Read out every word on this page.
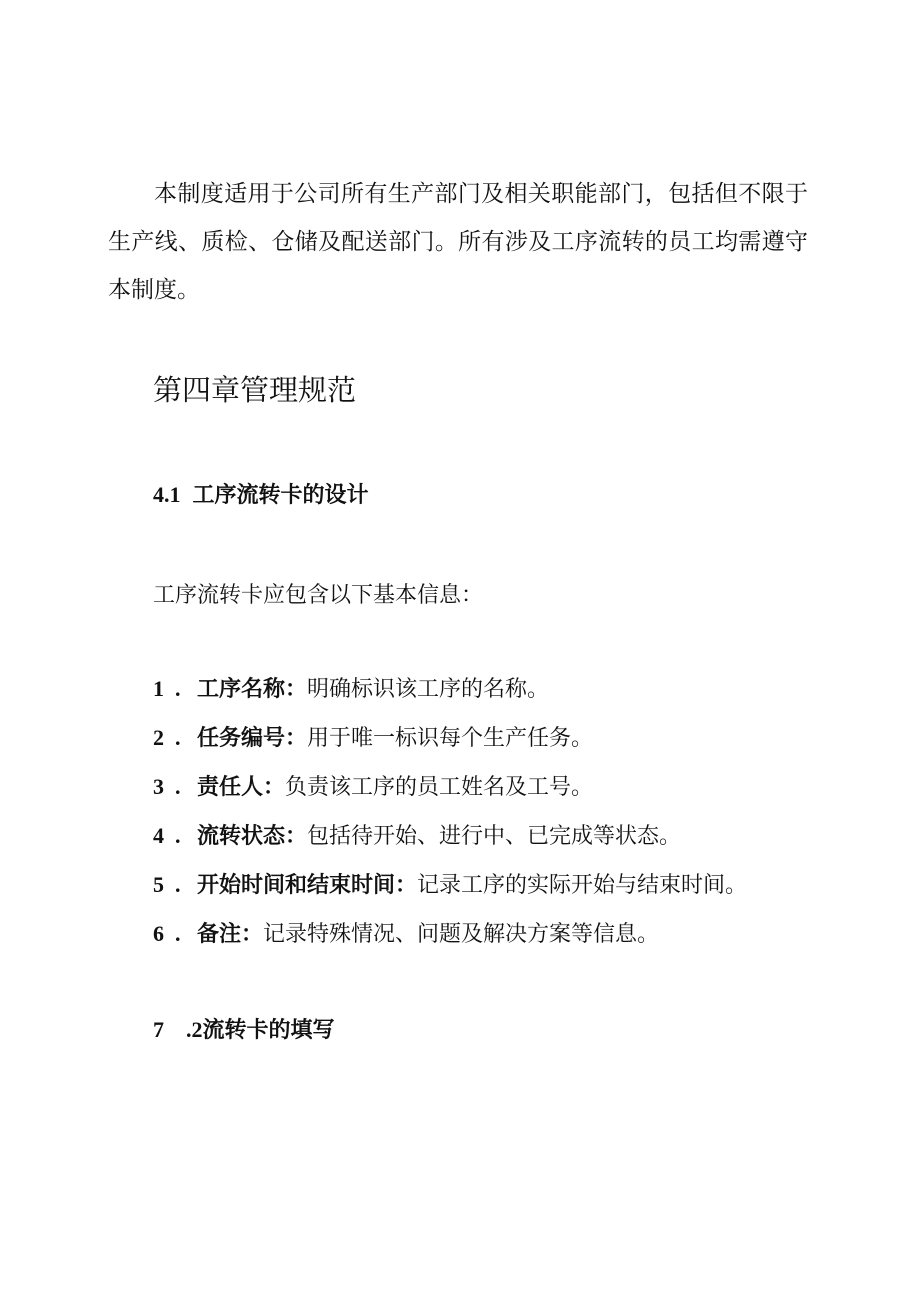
本制度适用于公司所有生产部门及相关职能部门，包括但不限于生产线、质检、仓储及配送部门。所有涉及工序流转的员工均需遵守本制度。

第四章管理规范
4.1 工序流转卡的设计

工序流转卡应包含以下基本信息：

1.工序名称：明确标识该工序的名称。
2.任务编号：用于唯一标识每个生产任务。
3.责任人：负责该工序的员工姓名及工号。
4.流转状态：包括待开始、进行中、已完成等状态。
5. 开始时间和结束时间：记录工序的实际开始与结束时间。
6. 备注：记录特殊情况、问题及解决方案等信息。
7　.2流转卡的填写
